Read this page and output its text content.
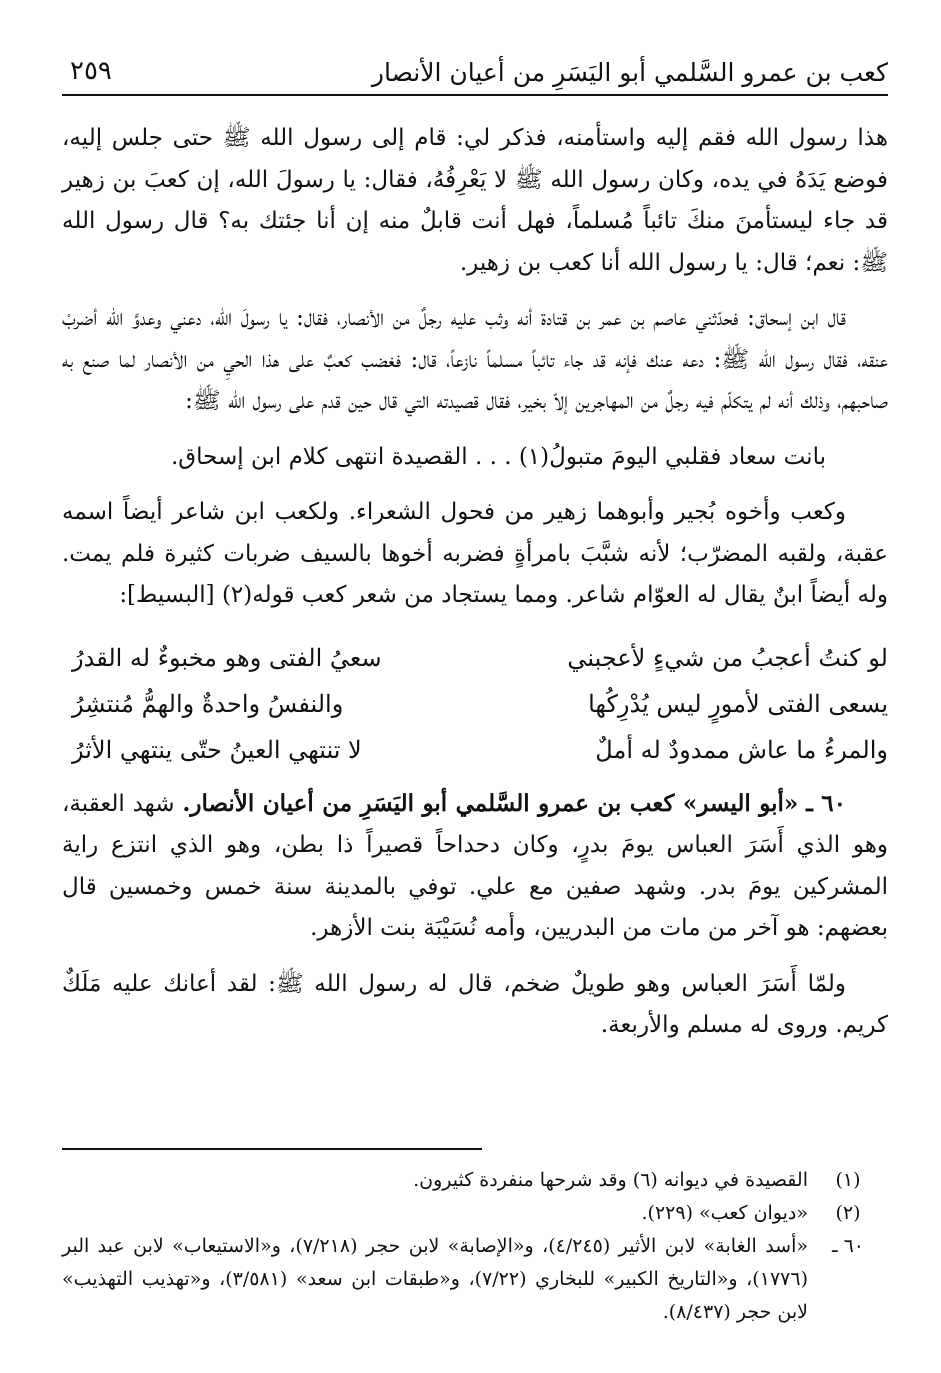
كعب بن عمرو السَّلمي أبو اليَسَرِ من أعيان الأنصار
٢٥٩

هذا رسول الله فقم إليه واستأمنه، فذكر لي: قام إلى رسول الله ﷺ حتى جلس إليه، فوضع يَدَهُ في يده، وكان رسول الله ﷺ لا يَعْرِفُهُ، فقال: يا رسولَ الله، إن كعبَ بن زهير قد جاء ليستأمنَ منكَ تائباً مُسلماً، فهل أنت قابلٌ منه إن أنا جئتك به؟ قال رسول الله ﷺ: نعم؛ قال: يا رسول الله أنا كعب بن زهير.

قال ابن إسحاق: فحدّثني عاصم بن عمر بن قتادة أنه وثب عليه رجلٌ من الأنصار، فقال: يا رسولَ الله، دعني وعدوَّ الله أضربْ عنقه، فقال رسول الله ﷺ: دعه عنك فإنه قد جاء تائباً مسلماً نازعاً، قال: فغضب كعبٌ على هذا الحيِ من الأنصار لما صنع به صاحبهم، وذلك أنه لم يتكلّم فيه رجلٌ من المهاجرين إلاّ بخير، فقال قصيدته التي قال حين قدم على رسول الله ﷺ:

بانت سعاد فقلبي اليومَ متبولُ(١) . . . القصيدة انتهى كلام ابن إسحاق.

وكعب وأخوه بُجير وأبوهما زهير من فحول الشعراء. ولكعب ابن شاعر أيضاً اسمه عقبة، ولقبه المضرّب؛ لأنه شبَّبَ بامرأةٍ فضربه أخوها بالسيف ضربات كثيرة فلم يمت. وله أيضاً ابنٌ يقال له العوّام شاعر. ومما يستجاد من شعر كعب قوله(٢) [البسيط]:

لو كنتُ أعجبُ من شيءٍ لأعجبني
سعيُ الفتى وهو مخبوءٌ له القدرُ
يسعى الفتى لأمورٍ ليس يُدْرِكُها
والنفسُ واحدةٌ والهمُّ مُنتشِرُ
والمرءُ ما عاش ممدودٌ له أملٌ
لا تنتهي العينُ حتّى ينتهي الأثرُ

٦٠ ـ «أبو اليسر» كعب بن عمرو السَّلمي أبو اليَسَرِ من أعيان الأنصار. شهد العقبة، وهو الذي أَسَرَ العباس يومَ بدرٍ، وكان دحداحاً قصيراً ذا بطن، وهو الذي انتزع راية المشركين يومَ بدر. وشهد صفين مع علي. توفي بالمدينة سنة خمس وخمسين قال بعضهم: هو آخر من مات من البدريين، وأمه نُسَيْبَة بنت الأزهر.

ولمّا أَسَرَ العباس وهو طويلٌ ضخم، قال له رسول الله ﷺ: لقد أعانك عليه مَلَكٌ كريم. وروى له مسلم والأربعة.

(١)
القصيدة في ديوانه (٦) وقد شرحها منفردة كثيرون.
(٢)
«ديوان كعب» (٢٢٩).
٦٠ ـ
«أسد الغابة» لابن الأثير (٤/٢٤٥)، و«الإصابة» لابن حجر (٧/٢١٨)، و«الاستيعاب» لابن عبد البر (١٧٧٦)، و«التاريخ الكبير» للبخاري (٧/٢٢)، و«طبقات ابن سعد» (٣/٥٨١)، و«تهذيب التهذيب» لابن حجر (٨/٤٣٧).
